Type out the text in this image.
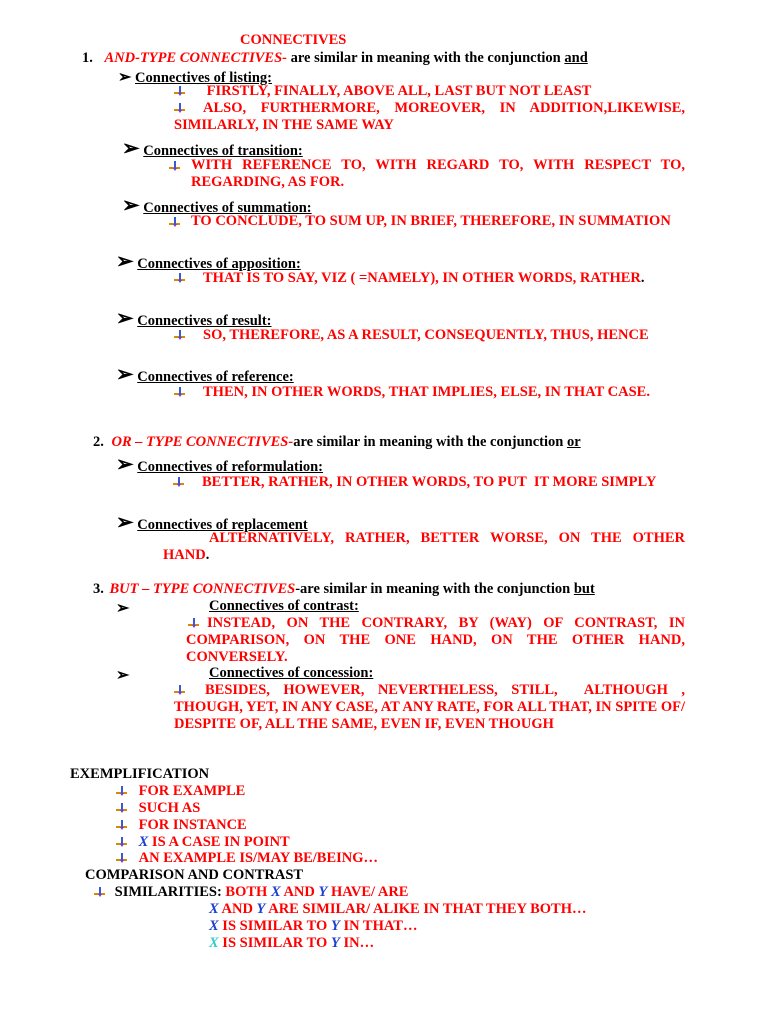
CONNECTIVES
1. AND-TYPE CONNECTIVES- are similar in meaning with the conjunction and
➢ Connectives of listing:
FIRSTLY, FINALLY, ABOVE ALL, LAST BUT NOT LEAST
ALSO, FURTHERMORE, MOREOVER, IN ADDITION,LIKEWISE, SIMILARLY, IN THE SAME WAY
➢ Connectives of transition:
WITH REFERENCE TO, WITH REGARD TO, WITH RESPECT TO, REGARDING, AS FOR.
➢ Connectives of summation:
TO CONCLUDE, TO SUM UP, IN BRIEF, THEREFORE, IN SUMMATION
➢ Connectives of apposition:
THAT IS TO SAY, VIZ ( =NAMELY), IN OTHER WORDS, RATHER.
➢ Connectives of result:
SO, THEREFORE, AS A RESULT, CONSEQUENTLY, THUS, HENCE
➢ Connectives of reference:
THEN, IN OTHER WORDS, THAT IMPLIES, ELSE, IN THAT CASE.
2. OR – TYPE CONNECTIVES-are similar in meaning with the conjunction or
➢ Connectives of reformulation:
BETTER, RATHER, IN OTHER WORDS, TO PUT  IT MORE SIMPLY
➢ Connectives of replacement
ALTERNATIVELY, RATHER, BETTER WORSE, ON THE OTHER HAND.
3. BUT – TYPE CONNECTIVES-are similar in meaning with the conjunction but
➢	Connectives of contrast:
INSTEAD, ON THE CONTRARY, BY (WAY) OF CONTRAST, IN COMPARISON, ON THE ONE HAND, ON THE OTHER HAND, CONVERSELY.
➢	Connectives of concession:
BESIDES, HOWEVER, NEVERTHELESS, STILL,  ALTHOUGH , THOUGH, YET, IN ANY CASE, AT ANY RATE, FOR ALL THAT, IN SPITE OF/ DESPITE OF, ALL THE SAME, EVEN IF, EVEN THOUGH
EXEMPLIFICATION
FOR EXAMPLE
SUCH AS
FOR INSTANCE
X IS A CASE IN POINT
AN EXAMPLE IS/MAY BE/BEING…
COMPARISON AND CONTRAST
SIMILARITIES: BOTH X AND Y HAVE/ ARE
X AND Y ARE SIMILAR/ ALIKE IN THAT THEY BOTH…
X IS SIMILAR TO Y IN THAT…
X IS SIMILAR TO Y IN…
